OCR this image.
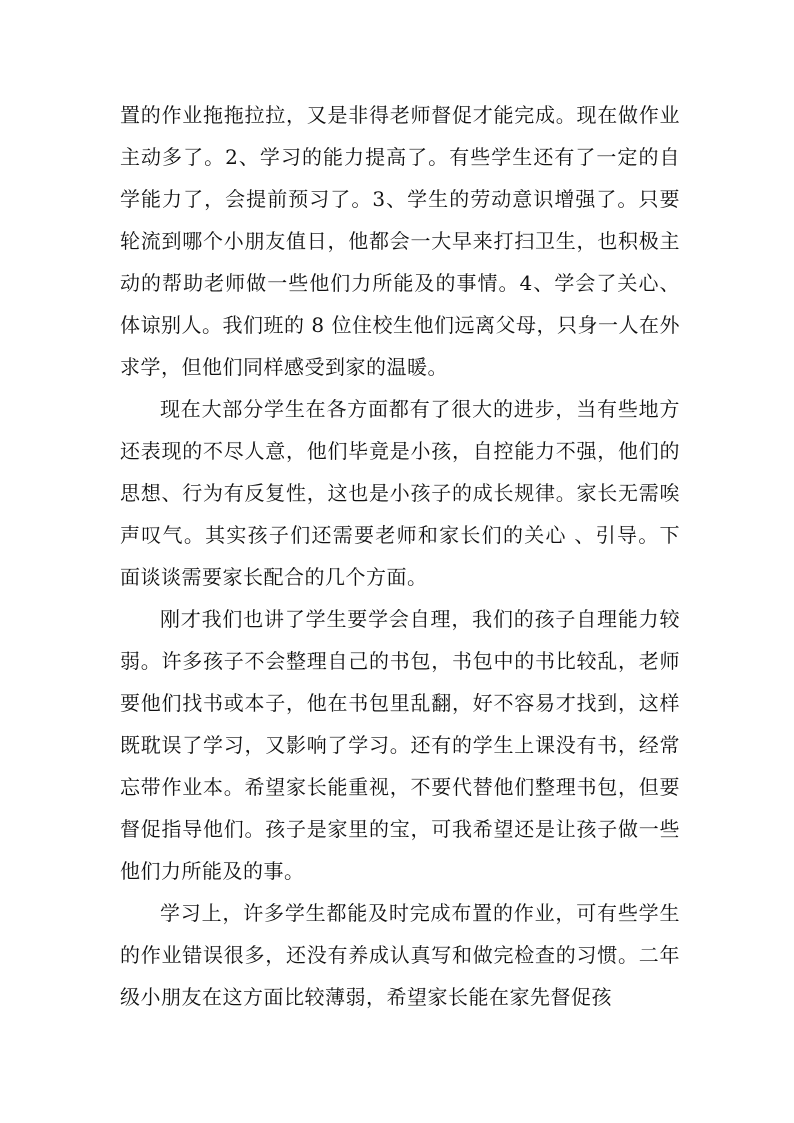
置的作业拖拖拉拉，又是非得老师督促才能完成。现在做作业主动多了。2、学习的能力提高了。有些学生还有了一定的自学能力了，会提前预习了。3、学生的劳动意识增强了。只要轮流到哪个小朋友值日，他都会一大早来打扫卫生，也积极主动的帮助老师做一些他们力所能及的事情。4、学会了关心、体谅别人。我们班的 8 位住校生他们远离父母，只身一人在外求学，但他们同样感受到家的温暖。

现在大部分学生在各方面都有了很大的进步，当有些地方还表现的不尽人意，他们毕竟是小孩，自控能力不强，他们的思想、行为有反复性，这也是小孩子的成长规律。家长无需唉声叹气。其实孩子们还需要老师和家长们的关心 、引导。下面谈谈需要家长配合的几个方面。

刚才我们也讲了学生要学会自理，我们的孩子自理能力较弱。许多孩子不会整理自己的书包，书包中的书比较乱，老师要他们找书或本子，他在书包里乱翻，好不容易才找到，这样既耽误了学习，又影响了学习。还有的学生上课没有书，经常忘带作业本。希望家长能重视，不要代替他们整理书包，但要督促指导他们。孩子是家里的宝，可我希望还是让孩子做一些他们力所能及的事。

学习上，许多学生都能及时完成布置的作业，可有些学生的作业错误很多，还没有养成认真写和做完检查的习惯。二年级小朋友在这方面比较薄弱，希望家长能在家先督促孩
